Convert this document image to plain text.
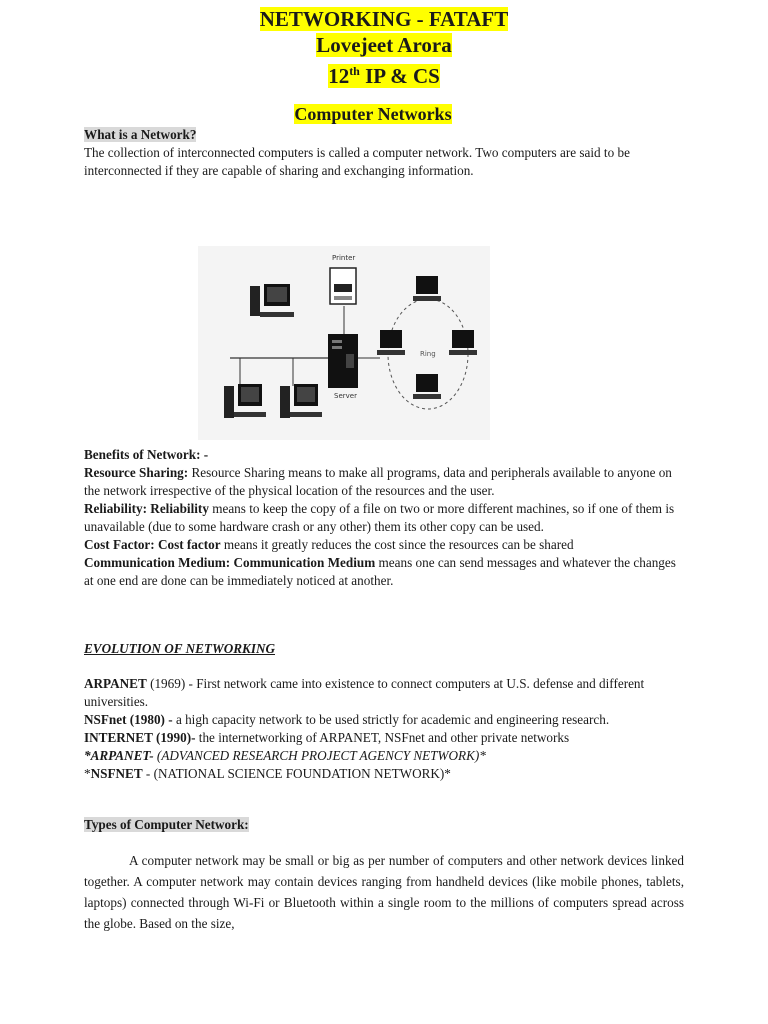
NETWORKING - FATAFT
Lovejeet Arora
12th IP & CS
Computer Networks
What is a Network?
The collection of interconnected computers is called a computer network. Two computers are said to be interconnected if they are capable of sharing and exchanging information.
Printer
Server
Ring
Benefits of Network: -
Resource Sharing: Resource Sharing means to make all programs, data and peripherals available to anyone on the network irrespective of the physical location of the resources and the user.
Reliability: Reliability means to keep the copy of a file on two or more different machines, so if one of them is unavailable (due to some hardware crash or any other) them its other copy can be used.
Cost Factor: Cost factor means it greatly reduces the cost since the resources can be shared
Communication Medium: Communication Medium means one can send messages and whatever the changes at one end are done can be immediately noticed at another.
EVOLUTION OF NETWORKING
ARPANET (1969) - First network came into existence to connect computers at U.S. defense and different universities.
NSFnet (1980) - a high capacity network to be used strictly for academic and engineering research.
INTERNET (1990)- the internetworking of ARPANET, NSFnet and other private networks
*ARPANET- (ADVANCED RESEARCH PROJECT AGENCY NETWORK)*
*NSFNET - (NATIONAL SCIENCE FOUNDATION NETWORK)*
Types of Computer Network:
A computer network may be small or big as per number of computers and other network devices linked together. A computer network may contain devices ranging from handheld devices (like mobile phones, tablets, laptops) connected through Wi-Fi or Bluetooth within a single room to the millions of computers spread across the globe. Based on the size,
